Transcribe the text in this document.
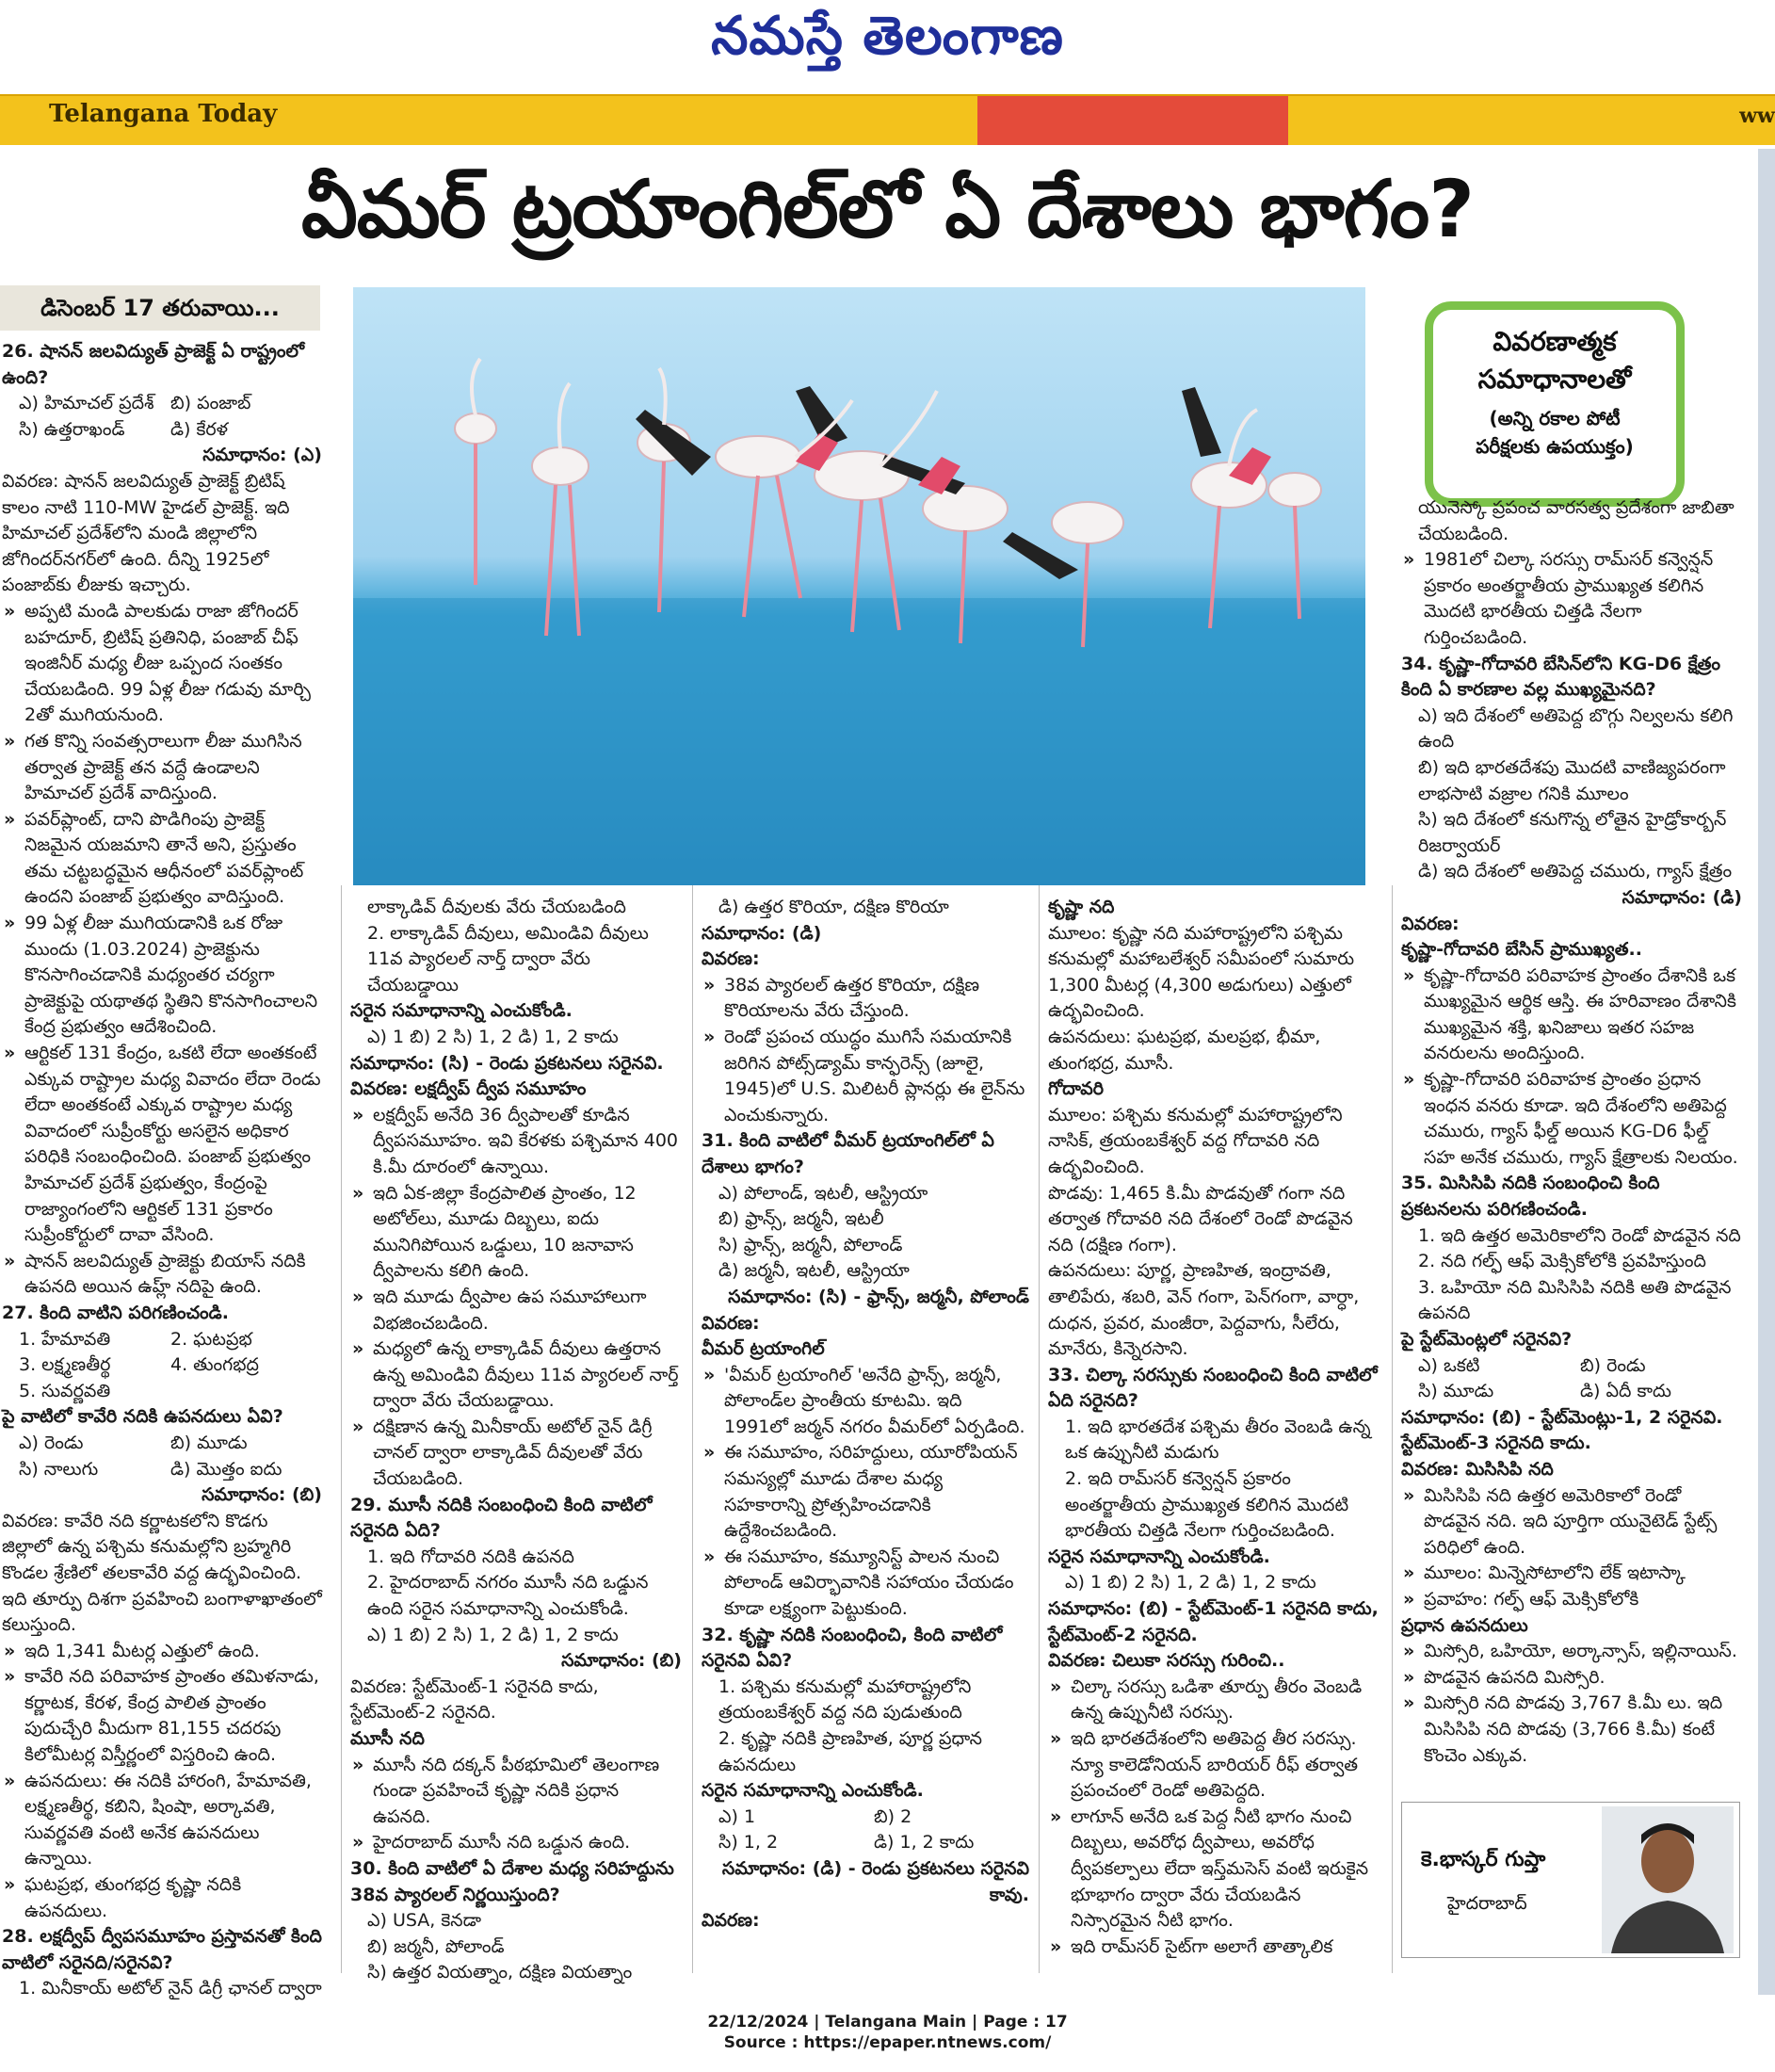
నమస్తే తెలంగాణ
Telangana Today	ww
వీమర్ ట్రయాంగిల్‌లో ఏ దేశాలు భాగం?
డిసెంబర్ 17 తరువాయి...
వివరణాత్మక
సమాధానాలతో
(అన్ని రకాల పోటీ
పరీక్షలకు ఉపయుక్తం)

26. షానన్ జలవిద్యుత్ ప్రాజెక్ట్ ఏ రాష్ట్రంలో ఉంది?

ఎ) హిమాచల్ ప్రదేశ్ బి) పంజాబ్
సి) ఉత్తరాఖండ్	డి) కేరళ

సమాధానం: (ఎ)

వివరణ: షానన్ జలవిద్యుత్ ప్రాజెక్ట్ బ్రిటిష్ కాలం నాటి 110-MW హైడల్ ప్రాజెక్ట్. ఇది హిమాచల్ ప్రదేశ్‌లోని మండి జిల్లాలోని జోగిందర్‌నగర్‌లో ఉంది. దీన్ని 1925లో పంజాబ్‌కు లీజుకు ఇచ్చారు.

» అప్పటి మండి పాలకుడు రాజా జోగిందర్ బహదూర్, బ్రిటిష్ ప్రతినిధి, పంజాబ్ చీఫ్ ఇంజినీర్ మధ్య లీజు ఒప్పంద సంతకం చేయబడింది. 99 ఏళ్ల లీజు గడువు మార్చి 2తో ముగియనుంది.

» గత కొన్ని సంవత్సరాలుగా లీజు ముగిసిన తర్వాత ప్రాజెక్ట్ తన వద్దే ఉండాలని హిమాచల్ ప్రదేశ్ వాదిస్తుంది.

» పవర్‌ప్లాంట్, దాని పొడిగింపు ప్రాజెక్ట్ నిజమైన యజమాని తానే అని, ప్రస్తుతం తమ చట్టబద్ధమైన ఆధీనంలో పవర్‌ప్లాంట్ ఉందని పంజాబ్ ప్రభుత్వం వాదిస్తుంది.

» 99 ఏళ్ల లీజు ముగియడానికి ఒక రోజు ముందు (1.03.2024) ప్రాజెక్టును కొనసాగించడానికి మధ్యంతర చర్యగా ప్రాజెక్టుపై యథాతథ స్థితిని కొనసాగించాలని కేంద్ర ప్రభుత్వం ఆదేశించింది.

» ఆర్టికల్ 131 కేంద్రం, ఒకటి లేదా అంతకంటే ఎక్కువ రాష్ట్రాల మధ్య వివాదం లేదా రెండు లేదా అంతకంటే ఎక్కువ రాష్ట్రాల మధ్య వివాదంలో సుప్రీంకోర్టు అసలైన అధికార పరిధికి సంబంధించింది. పంజాబ్ ప్రభుత్వం హిమాచల్ ప్రదేశ్ ప్రభుత్వం, కేంద్రంపై రాజ్యాంగంలోని ఆర్టికల్ 131 ప్రకారం సుప్రీంకోర్టులో దావా వేసింది.

» షానన్ జలవిద్యుత్ ప్రాజెక్టు బియాస్ నదికి ఉపనది అయిన ఉహ్ల్ నదిపై ఉంది.

27. కింది వాటిని పరిగణించండి.

1. హేమావతి	2. ఘటప్రభ
3. లక్ష్మణతీర్థ	4. తుంగభద్ర

5. సువర్ణవతి

పై వాటిలో కావేరి నదికి ఉపనదులు ఏవి?

ఎ) రెండు	బి) మూడు
సి) నాలుగు	డి) మొత్తం ఐదు

సమాధానం: (బి)

వివరణ: కావేరి నది కర్ణాటకలోని కొడగు జిల్లాలో ఉన్న పశ్చిమ కనుమల్లోని బ్రహ్మగిరి కొండల శ్రేణిలో తలకావేరి వద్ద ఉద్భవించింది. ఇది తూర్పు దిశగా ప్రవహించి బంగాళాఖాతంలో కలుస్తుంది.

» ఇది 1,341 మీటర్ల ఎత్తులో ఉంది.

» కావేరి నది పరివాహక ప్రాంతం తమిళనాడు, కర్ణాటక, కేరళ, కేంద్ర పాలిత ప్రాంతం పుదుచ్చేరి మీదుగా 81,155 చదరపు కిలోమీటర్ల విస్తీర్ణంలో విస్తరించి ఉంది.

» ఉపనదులు: ఈ నదికి హారంగి, హేమావతి, లక్ష్మణతీర్థ, కబిని, షింషా, అర్కావతి, సువర్ణవతి వంటి అనేక ఉపనదులు ఉన్నాయి.

» ఘటప్రభ, తుంగభద్ర కృష్ణా నదికి ఉపనదులు.

28. లక్షద్వీప్ ద్వీపసమూహం ప్రస్తావనతో కింది వాటిలో సరైనది/సరైనవి?

1. మినీకాయ్ అటోల్ నైన్ డిగ్రీ ఛానల్ ద్వారా

లాక్కాడివ్ దీవులకు వేరు చేయబడింది

2. లాక్కాడివ్ దీవులు, అమిండివి దీవులు 11వ ప్యారలల్ నార్త్ ద్వారా వేరు చేయబడ్డాయి

సరైన సమాధానాన్ని ఎంచుకోండి.

ఎ) 1 బి) 2 సి) 1, 2 డి) 1, 2 కాదు

సమాధానం: (సి) - రెండు ప్రకటనలు సరైనవి.

వివరణ: లక్షద్వీప్ ద్వీప సమూహం

» లక్షద్వీప్ అనేది 36 ద్వీపాలతో కూడిన ద్వీపసమూహం. ఇవి కేరళకు పశ్చిమాన 400 కి.మీ దూరంలో ఉన్నాయి.

» ఇది ఏక-జిల్లా కేంద్రపాలిత ప్రాంతం, 12 అటోల్‌లు, మూడు దిబ్బలు, ఐదు మునిగిపోయిన ఒడ్డులు, 10 జనావాస ద్వీపాలను కలిగి ఉంది.

» ఇది మూడు ద్వీపాల ఉప సమూహాలుగా విభజించబడింది.

» మధ్యలో ఉన్న లాక్కాడివ్ దీవులు ఉత్తరాన ఉన్న అమిండివి దీవులు 11వ ప్యారలల్ నార్త్ ద్వారా వేరు చేయబడ్డాయి.

» దక్షిణాన ఉన్న మినీకాయ్ అటోల్ నైన్ డిగ్రీ చానల్ ద్వారా లాక్కాడివ్ దీవులతో వేరు చేయబడింది.

29. మూసీ నదికి సంబంధించి కింది వాటిలో సరైనది ఏది?

1. ఇది గోదావరి నదికి ఉపనది

2. హైదరాబాద్ నగరం మూసీ నది ఒడ్డున ఉంది సరైన సమాధానాన్ని ఎంచుకోండి.

ఎ) 1 బి) 2 సి) 1, 2 డి) 1, 2 కాదు

సమాధానం: (బి)

వివరణ: స్టేట్‌మెంట్-1 సరైనది కాదు, స్టేట్‌మెంట్-2 సరైనది.

మూసీ నది

» మూసీ నది దక్కన్ పీఠభూమిలో తెలంగాణ గుండా ప్రవహించే కృష్ణా నదికి ప్రధాన ఉపనది.

» హైదరాబాద్ మూసీ నది ఒడ్డున ఉంది.

30. కింది వాటిలో ఏ దేశాల మధ్య సరిహద్దును 38వ ప్యారలల్ నిర్ణయిస్తుంది?

ఎ) USA, కెనడా

బి) జర్మనీ, పోలాండ్

సి) ఉత్తర వియత్నాం, దక్షిణ వియత్నాం

డి) ఉత్తర కొరియా, దక్షిణ కొరియా

సమాధానం: (డి)

వివరణ:

» 38వ ప్యారలల్ ఉత్తర కొరియా, దక్షిణ కొరియాలను వేరు చేస్తుంది.

» రెండో ప్రపంచ యుద్ధం ముగిసే సమయానికి జరిగిన పోట్స్‌డ్యామ్ కాన్ఫరెన్స్ (జూలై, 1945)లో U.S. మిలిటరీ ప్లానర్లు ఈ లైన్‌ను ఎంచుకున్నారు.

31. కింది వాటిలో వీమర్ ట్రయాంగిల్‌లో ఏ దేశాలు భాగం?

ఎ) పోలాండ్, ఇటలీ, ఆస్ట్రియా

బి) ఫ్రాన్స్, జర్మనీ, ఇటలీ

సి) ఫ్రాన్స్, జర్మనీ, పోలాండ్

డి) జర్మనీ, ఇటలీ, ఆస్ట్రియా

సమాధానం: (సి) - ఫ్రాన్స్, జర్మనీ, పోలాండ్

వివరణ:

వీమర్ ట్రయాంగిల్

» 'వీమర్ ట్రయాంగిల్ 'అనేది ఫ్రాన్స్, జర్మనీ, పోలాండ్‌ల ప్రాంతీయ కూటమి. ఇది 1991లో జర్మన్ నగరం వీమర్‌లో ఏర్పడింది.

» ఈ సమూహం, సరిహద్దులు, యూరోపియన్ సమస్యల్లో మూడు దేశాల మధ్య సహకారాన్ని ప్రోత్సహించడానికి ఉద్దేశించబడింది.

» ఈ సమూహం, కమ్యూనిస్ట్ పాలన నుంచి పోలాండ్ ఆవిర్భావానికి సహాయం చేయడం కూడా లక్ష్యంగా పెట్టుకుంది.

32. కృష్ణా నదికి సంబంధించి, కింది వాటిలో సరైనవి ఏవి?

1. పశ్చిమ కనుమల్లో మహారాష్ట్రలోని త్రయంబకేశ్వర్ వద్ద నది పుడుతుంది

2. కృష్ణా నదికి ప్రాణహిత, పూర్ణ ప్రధాన ఉపనదులు

సరైన సమాధానాన్ని ఎంచుకోండి.

ఎ) 1	బి) 2
సి) 1, 2	డి) 1, 2 కాదు

సమాధానం: (డి) - రెండు ప్రకటనలు సరైనవి కావు.

వివరణ:

కృష్ణా నది

మూలం: కృష్ణా నది మహారాష్ట్రలోని పశ్చిమ కనుమల్లో మహాబలేశ్వర్ సమీపంలో సుమారు 1,300 మీటర్ల (4,300 అడుగులు) ఎత్తులో ఉద్భవించింది.

ఉపనదులు: ఘటప్రభ, మలప్రభ, భీమా, తుంగభద్ర, మూసీ.

గోదావరి

మూలం: పశ్చిమ కనుమల్లో మహారాష్ట్రలోని నాసిక్, త్రయంబకేశ్వర్ వద్ద గోదావరి నది ఉద్భవించింది.

పొడవు: 1,465 కి.మీ పొడవుతో గంగా నది తర్వాత గోదావరి నది దేశంలో రెండో పొడవైన నది (దక్షిణ గంగా).

ఉపనదులు: పూర్ణ, ప్రాణహిత, ఇంద్రావతి, తాలిపేరు, శబరి, వెన్ గంగా, పెన్‌గంగా, వార్ధా, దుధన, ప్రవర, మంజీరా, పెద్దవాగు, సీలేరు, మానేరు, కిన్నెరసాని.

33. చిల్కా సరస్సుకు సంబంధించి కింది వాటిలో ఏది సరైనది?

1. ఇది భారతదేశ పశ్చిమ తీరం వెంబడి ఉన్న ఒక ఉప్పునీటి మడుగు

2. ఇది రామ్‌సర్ కన్వెన్షన్ ప్రకారం అంతర్జాతీయ ప్రాముఖ్యత కలిగిన మొదటి భారతీయ చిత్తడి నేలగా గుర్తించబడింది.

సరైన సమాధానాన్ని ఎంచుకోండి.

ఎ) 1 బి) 2 సి) 1, 2 డి) 1, 2 కాదు

సమాధానం: (బి) - స్టేట్‌మెంట్-1 సరైనది కాదు, స్టేట్‌మెంట్-2 సరైనది.

వివరణ: చిలుకా సరస్సు గురించి..

» చిల్కా సరస్సు ఒడిశా తూర్పు తీరం వెంబడి ఉన్న ఉప్పునీటి సరస్సు.

» ఇది భారతదేశంలోని అతిపెద్ద తీర సరస్సు. న్యూ కాలెడోనియన్ బారియర్ రీఫ్ తర్వాత ప్రపంచంలో రెండో అతిపెద్దది.

» లాగూన్ అనేది ఒక పెద్ద నీటి భాగం నుంచి దిబ్బలు, అవరోధ ద్వీపాలు, అవరోధ ద్వీపకల్పాలు లేదా ఇస్త్‌మసెస్ వంటి ఇరుకైన భూభాగం ద్వారా వేరు చేయబడిన నిస్సారమైన నీటి భాగం.

» ఇది రామ్‌సర్ సైట్‌గా అలాగే తాత్కాలిక

యునెస్కో ప్రపంచ వారసత్వ ప్రదేశంగా జాబితా చేయబడింది.

» 1981లో చిల్కా సరస్సు రామ్‌సర్ కన్వెన్షన్ ప్రకారం అంతర్జాతీయ ప్రాముఖ్యత కలిగిన మొదటి భారతీయ చిత్తడి నేలగా గుర్తించబడింది.

34. కృష్ణా-గోదావరి బేసిన్‌లోని KG-D6 క్షేత్రం కింది ఏ కారణాల వల్ల ముఖ్యమైనది?

ఎ) ఇది దేశంలో అతిపెద్ద బొగ్గు నిల్వలను కలిగి ఉంది

బి) ఇది భారతదేశపు మొదటి వాణిజ్యపరంగా లాభసాటి వజ్రాల గనికి మూలం

సి) ఇది దేశంలో కనుగొన్న లోతైన హైడ్రోకార్బన్ రిజర్వాయర్

డి) ఇది దేశంలో అతిపెద్ద చమురు, గ్యాస్ క్షేత్రం

సమాధానం: (డి)

వివరణ:

కృష్ణా-గోదావరి బేసిన్ ప్రాముఖ్యత..

» కృష్ణా-గోదావరి పరివాహక ప్రాంతం దేశానికి ఒక ముఖ్యమైన ఆర్థిక ఆస్తి. ఈ హరివాణం దేశానికి ముఖ్యమైన శక్తి, ఖనిజాలు ఇతర సహజ వనరులను అందిస్తుంది.

» కృష్ణా-గోదావరి పరివాహక ప్రాంతం ప్రధాన ఇంధన వనరు కూడా. ఇది దేశంలోని అతిపెద్ద చమురు, గ్యాస్ ఫీల్డ్ అయిన KG-D6 ఫీల్డ్ సహ అనేక చమురు, గ్యాస్ క్షేత్రాలకు నిలయం.

35. మిసిసిపి నదికి సంబంధించి కింది ప్రకటనలను పరిగణించండి.

1. ఇది ఉత్తర అమెరికాలోని రెండో పొడవైన నది

2. నది గల్ఫ్ ఆఫ్ మెక్సికోలోకి ప్రవహిస్తుంది

3. ఒహియో నది మిసిసిపి నదికి అతి పొడవైన ఉపనది

పై స్టేట్‌మెంట్లలో సరైనవి?

ఎ) ఒకటి	బి) రెండు
సి) మూడు	డి) ఏదీ కాదు

సమాధానం: (బి) - స్టేట్‌మెంట్లు-1, 2 సరైనవి. స్టేట్‌మెంట్-3 సరైనది కాదు.

వివరణ: మిసిసిపి నది

» మిసిసిపి నది ఉత్తర అమెరికాలో రెండో పొడవైన నది. ఇది పూర్తిగా యునైటెడ్ స్టేట్స్ పరిధిలో ఉంది.

» మూలం: మిన్నెసోటాలోని లేక్ ఇటాస్కా

» ప్రవాహం: గల్ఫ్ ఆఫ్ మెక్సికోలోకి

ప్రధాన ఉపనదులు

» మిస్సోరి, ఒహియో, అర్కాన్సాస్, ఇల్లినాయిస్.

» పొడవైన ఉపనది మిస్సోరి.

» మిస్సోరి నది పొడవు 3,767 కి.మీ లు. ఇది మిసిసిపి నది పొడవు (3,766 కి.మీ) కంటే కొంచెం ఎక్కువ.

కె.భాస్కర్ గుప్తా
హైదరాబాద్
22/12/2024 | Telangana Main | Page : 17
Source : https://epaper.ntnews.com/
